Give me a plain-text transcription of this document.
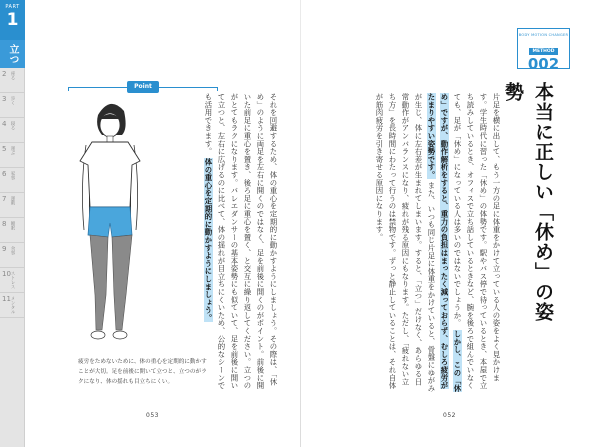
PART
1
立つ
2 座る
3 歩く
4 寝る
5 運ぶ
6 家事
7 運動
8 睡眠
9 食事
10 ストレス
11 メンタル
Point
それを回避するため、体の重心を定期的に動かすようにしましょう。その際は、「休め」のように両足を左右に開くのではなく、足を前後に開くのがポイント。前後に開いた前足に重心を置き、後ろ足に重心を置く、と交互に繰り返してください。立つのがとてもラクになります。バレエダンサーの基本姿勢にも似ていて、足を前後に開いて立つと、左右に広げるのに比べて、体の揺れが目立ちにくいため、公的なシーンでも活用できます。 体の重心を定期的に動かすようにしましょう。
疲労をためないために、体の重心を定期的に動かすことが大切。足を前後に開いて立つと、立つのがラクになり、体の揺れも目立ちにくい。
053
片足を横に出して、もう一方の足に体重をかけて立っている人の姿をよく見かけます。学生時代に習った「休め」の体勢です。駅やバス停で待っているとき、本屋で立ち読みしているとき、オフィスで立ち話しているときなど、腕を後ろで組んでいなくても、足が「休め」になっている人は多いのではないでしょうか。 しかし、この「休め」ですが、動作解析をすると、重力の負担はまったく減っておらず、むしろ疲労がたまりやすい姿勢です。 また、いつも同じ片足に体重をかけていると、骨盤にゆがみが生じ、体に左右差が生まれてしまいます。すると、「立つ」だけなく、あらゆる日常動作がアンバランスになり、疲れが残る原因にもなります。ただし、「疲れない立ち方」を長時間にわたって行うのは禁物です。ずっと静止していることは、それ自体が筋肉疲労を引き寄せる原因になります。
BODY MOTION CHANGER
METHOD
002
本当に正しい「休め」の姿勢
052
